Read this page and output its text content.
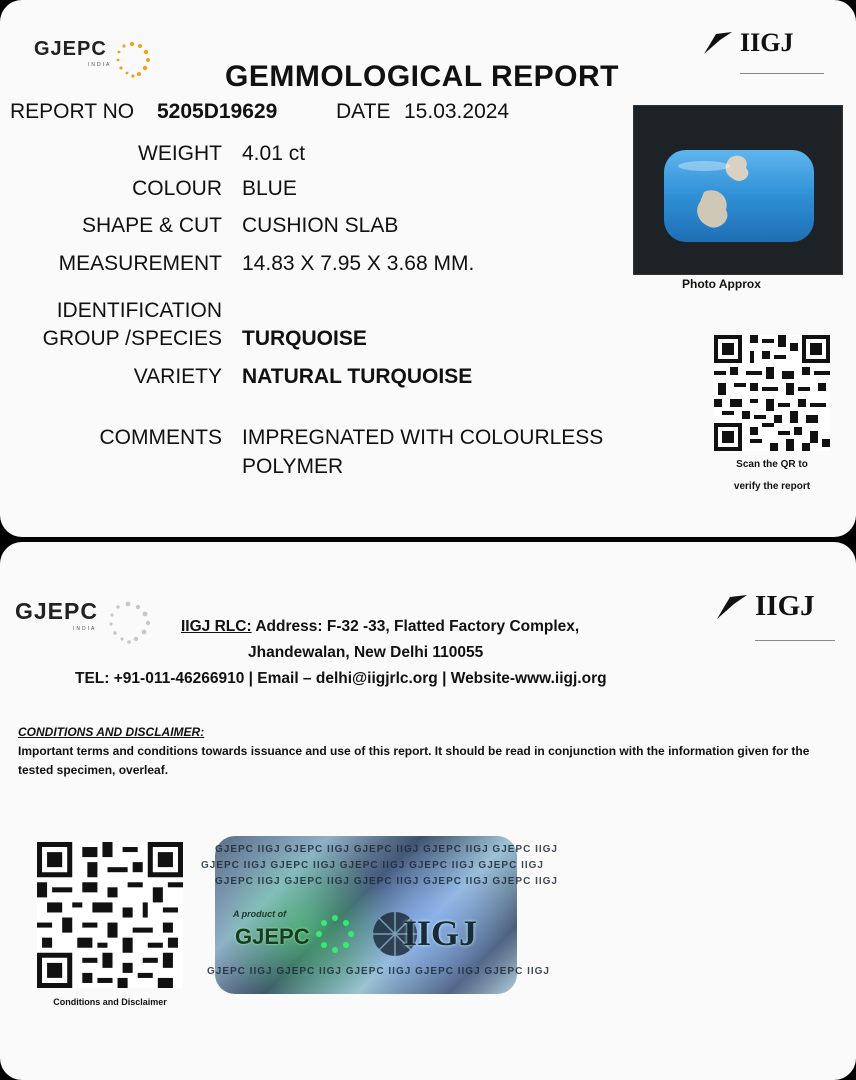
GJEPC
INDIA
IIGJ
GEMMOLOGICAL REPORT
REPORT NO 5205D19629	DATE 15.03.2024
WEIGHT 4.01 ct
COLOUR BLUE
SHAPE & CUT CUSHION SLAB
MEASUREMENT 14.83 X 7.95 X 3.68 MM.
IDENTIFICATION
GROUP /SPECIES TURQUOISE
VARIETY NATURAL TURQUOISE
COMMENTS IMPREGNATED WITH COLOURLESS
POLYMER
Photo Approx
Scan the QR to
verify the report
GJEPC
INDIA
IIGJ
IIGJ RLC: Address: F-32 -33, Flatted Factory Complex,
Jhandewalan, New Delhi 110055
TEL: +91-011-46266910 | Email – delhi@iigjrlc.org | Website-www.iigj.org
CONDITIONS AND DISCLAIMER:
Important terms and conditions towards issuance and use of this report. It should be read in conjunction with the information given for the tested specimen, overleaf.
Conditions and Disclaimer
GJEPC IIGJ GJEPC IIGJ GJEPC IIGJ GJEPC IIGJ GJEPC IIGJ
GJEPC IIGJ GJEPC IIGJ GJEPC IIGJ GJEPC IIGJ GJEPC IIGJ
GJEPC IIGJ GJEPC IIGJ GJEPC IIGJ GJEPC IIGJ GJEPC IIGJ
GJEPC IIGJ GJEPC IIGJ GJEPC IIGJ GJEPC IIGJ GJEPC IIGJ
A product of
GJEPC	IIGJ
